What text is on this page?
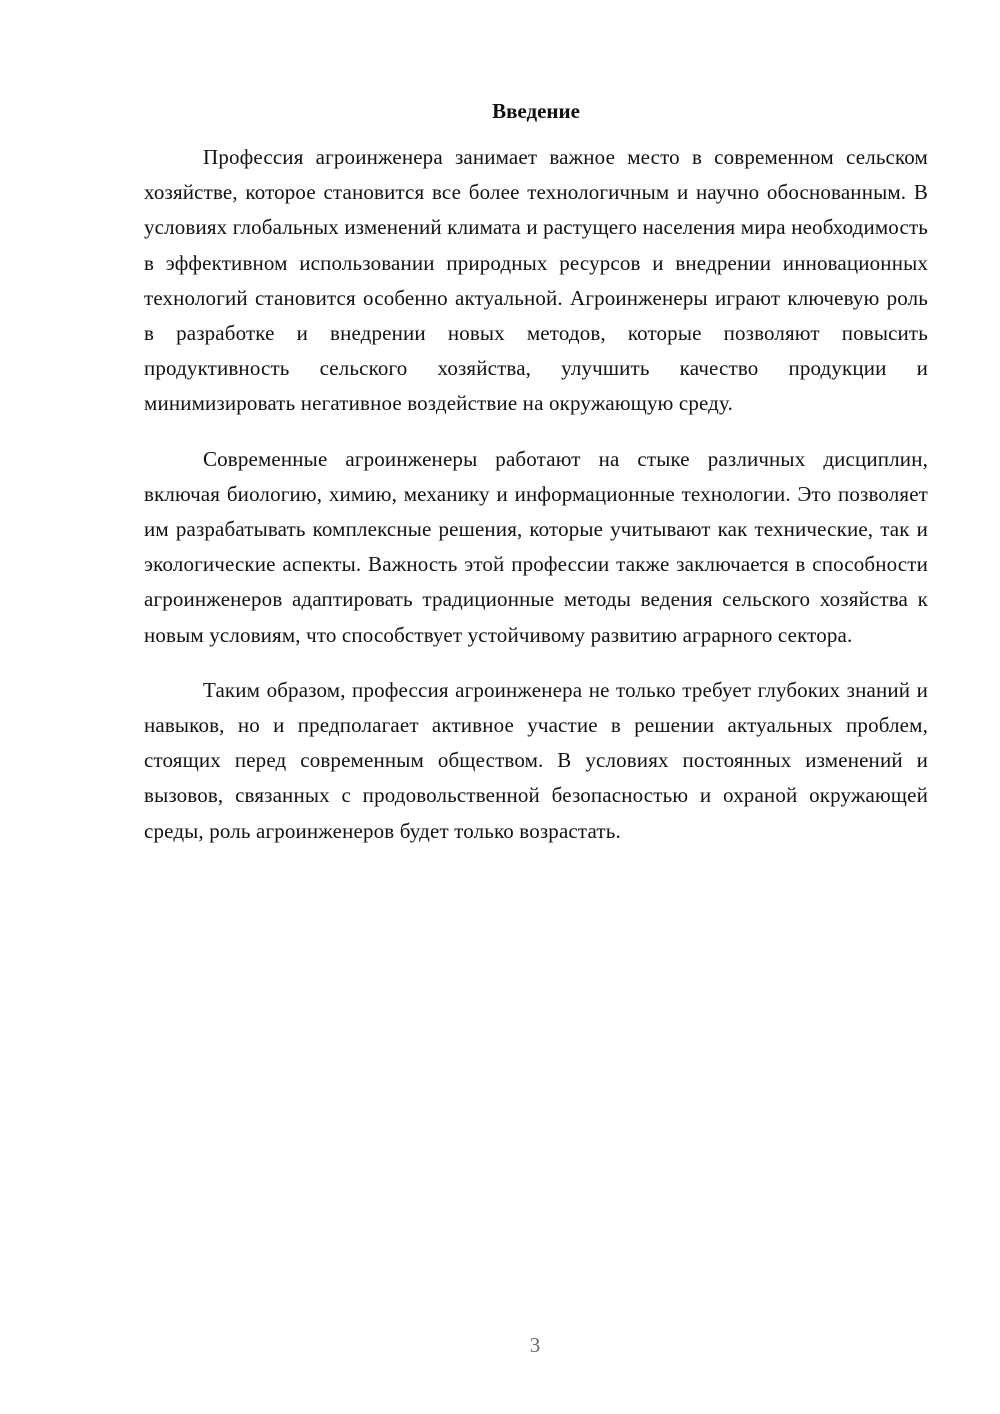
Введение

Профессия агроинженера занимает важное место в современном сельском хозяйстве, которое становится все более технологичным и научно обоснованным. В условиях глобальных изменений климата и растущего населения мира необходимость в эффективном использовании природных ресурсов и внедрении инновационных технологий становится особенно актуальной. Агроинженеры играют ключевую роль в разработке и внедрении новых методов, которые позволяют повысить продуктивность сельского хозяйства, улучшить качество продукции и минимизировать негативное воздействие на окружающую среду.

Современные агроинженеры работают на стыке различных дисциплин, включая биологию, химию, механику и информационные технологии. Это позволяет им разрабатывать комплексные решения, которые учитывают как технические, так и экологические аспекты. Важность этой профессии также заключается в способности агроинженеров адаптировать традиционные методы ведения сельского хозяйства к новым условиям, что способствует устойчивому развитию аграрного сектора.

Таким образом, профессия агроинженера не только требует глубоких знаний и навыков, но и предполагает активное участие в решении актуальных проблем, стоящих перед современным обществом. В условиях постоянных изменений и вызовов, связанных с продовольственной безопасностью и охраной окружающей среды, роль агроинженеров будет только возрастать.

3
